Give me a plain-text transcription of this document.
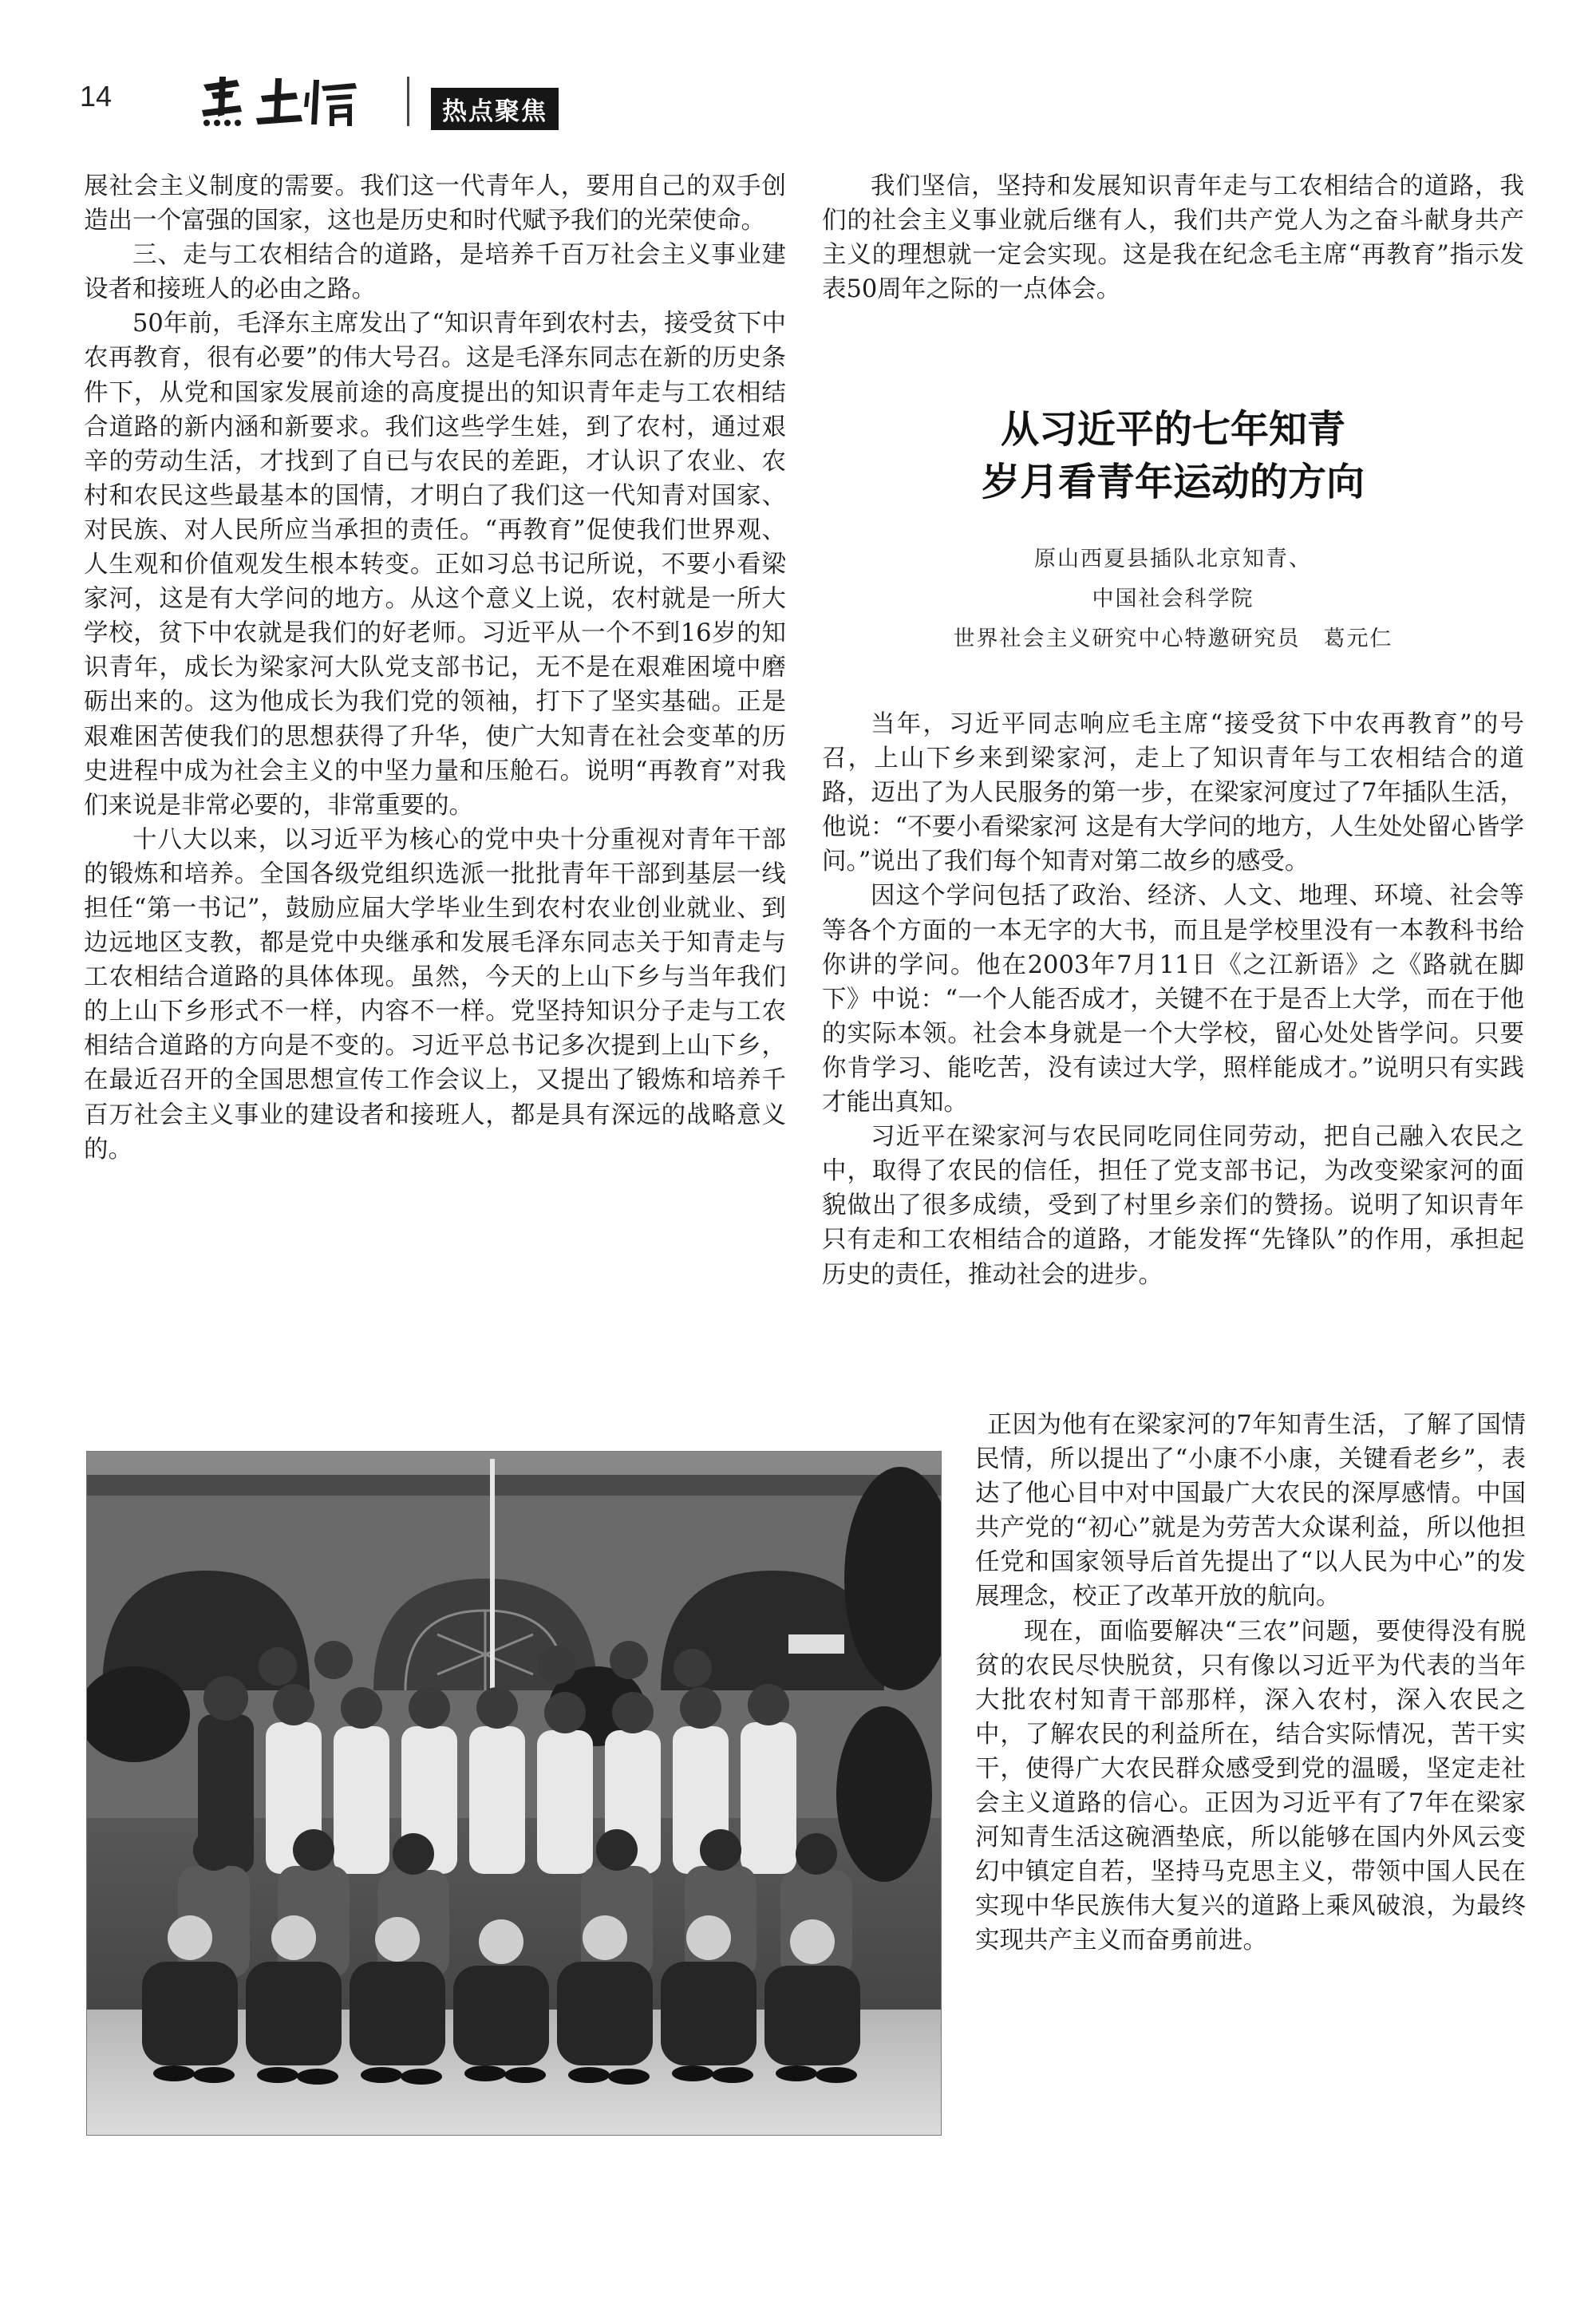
14	热点聚焦

展社会主义制度的需要。我们这一代青年人，要用自己的双手创造出一个富强的国家，这也是历史和时代赋予我们的光荣使命。

三、走与工农相结合的道路，是培养千百万社会主义事业建设者和接班人的必由之路。

50年前，毛泽东主席发出了“知识青年到农村去，接受贫下中农再教育，很有必要”的伟大号召。这是毛泽东同志在新的历史条件下，从党和国家发展前途的高度提出的知识青年走与工农相结合道路的新内涵和新要求。我们这些学生娃，到了农村，通过艰辛的劳动生活，才找到了自已与农民的差距，才认识了农业、农村和农民这些最基本的国情，才明白了我们这一代知青对国家、对民族、对人民所应当承担的责任。“再教育”促使我们世界观、人生观和价值观发生根本转变。正如习总书记所说，不要小看梁家河，这是有大学问的地方。从这个意义上说，农村就是一所大学校，贫下中农就是我们的好老师。习近平从一个不到16岁的知识青年，成长为梁家河大队党支部书记，无不是在艰难困境中磨砺出来的。这为他成长为我们党的领袖，打下了坚实基础。正是艰难困苦使我们的思想获得了升华，使广大知青在社会变革的历史进程中成为社会主义的中坚力量和压舱石。说明“再教育”对我们来说是非常必要的，非常重要的。

十八大以来，以习近平为核心的党中央十分重视对青年干部的锻炼和培养。全国各级党组织选派一批批青年干部到基层一线担任“第一书记”，鼓励应届大学毕业生到农村农业创业就业、到边远地区支教，都是党中央继承和发展毛泽东同志关于知青走与工农相结合道路的具体体现。虽然，今天的上山下乡与当年我们的上山下乡形式不一样，内容不一样。党坚持知识分子走与工农相结合道路的方向是不变的。习近平总书记多次提到上山下乡，在最近召开的全国思想宣传工作会议上，又提出了锻炼和培养千百万社会主义事业的建设者和接班人，都是具有深远的战略意义的。

我们坚信，坚持和发展知识青年走与工农相结合的道路，我们的社会主义事业就后继有人，我们共产党人为之奋斗献身共产主义的理想就一定会实现。这是我在纪念毛主席“再教育”指示发表50周年之际的一点体会。

从习近平的七年知青
岁月看青年运动的方向
原山西夏县插队北京知青、
中国社会科学院
世界社会主义研究中心特邀研究员　葛元仁

当年，习近平同志响应毛主席“接受贫下中农再教育”的号召，上山下乡来到梁家河，走上了知识青年与工农相结合的道路，迈出了为人民服务的第一步，在梁家河度过了7年插队生活，他说：“不要小看梁家河 这是有大学问的地方，人生处处留心皆学问。”说出了我们每个知青对第二故乡的感受。

因这个学问包括了政治、经济、人文、地理、环境、社会等等各个方面的一本无字的大书，而且是学校里没有一本教科书给你讲的学问。他在2003年7月11日《之江新语》之《路就在脚下》中说：“一个人能否成才，关键不在于是否上大学，而在于他的实际本领。社会本身就是一个大学校，留心处处皆学问。只要你肯学习、能吃苦，没有读过大学，照样能成才。”说明只有实践才能出真知。

习近平在梁家河与农民同吃同住同劳动，把自己融入农民之中，取得了农民的信任，担任了党支部书记，为改变梁家河的面貌做出了很多成绩，受到了村里乡亲们的赞扬。说明了知识青年只有走和工农相结合的道路，才能发挥“先锋队”的作用，承担起历史的责任，推动社会的进步。

正因为他有在梁家河的7年知青生活，了解了国情民情，所以提出了“小康不小康，关键看老乡”，表达了他心目中对中国最广大农民的深厚感情。中国共产党的“初心”就是为劳苦大众谋利益，所以他担任党和国家领导后首先提出了“以人民为中心”的发展理念，校正了改革开放的航向。

现在，面临要解决“三农”问题，要使得没有脱贫的农民尽快脱贫，只有像以习近平为代表的当年大批农村知青干部那样，深入农村，深入农民之中，了解农民的利益所在，结合实际情况，苦干实干，使得广大农民群众感受到党的温暖，坚定走社会主义道路的信心。正因为习近平有了7年在梁家河知青生活这碗酒垫底，所以能够在国内外风云变幻中镇定自若，坚持马克思主义，带领中国人民在实现中华民族伟大复兴的道路上乘风破浪，为最终实现共产主义而奋勇前进。
